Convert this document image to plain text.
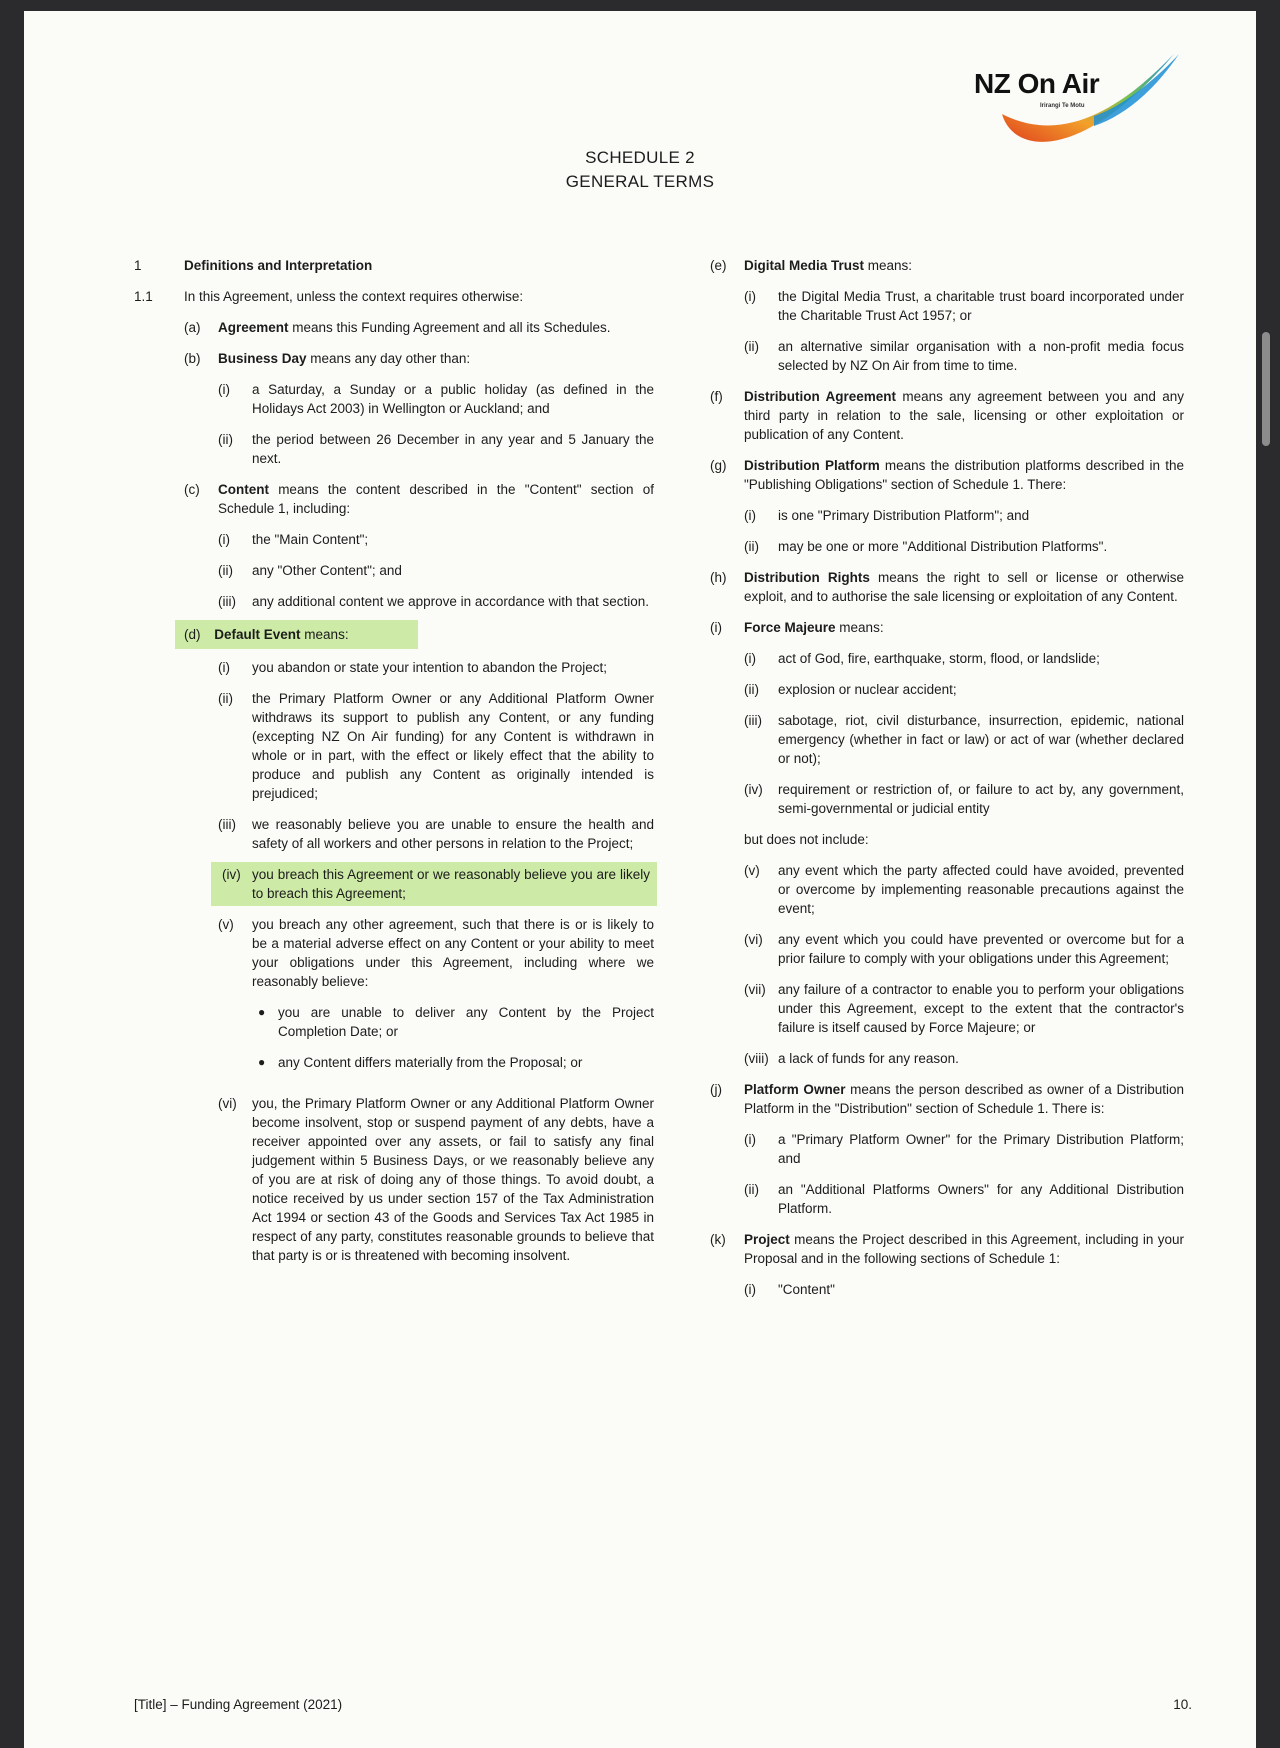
NZ On Air
Irirangi Te Motu
SCHEDULE 2
GENERAL TERMS
1	Definitions and Interpretation
1.1 In this Agreement, unless the context requires otherwise:
(a) Agreement means this Funding Agreement and all its Schedules.
(b) Business Day means any day other than:
(i) a Saturday, a Sunday or a public holiday (as defined in the Holidays Act 2003) in Wellington or Auckland; and
(ii) the period between 26 December in any year and 5 January the next.
(c) Content means the content described in the "Content" section of Schedule 1, including:
(i) the "Main Content";
(ii) any "Other Content"; and
(iii) any additional content we approve in accordance with that section.
(d) Default Event means:
(i) you abandon or state your intention to abandon the Project;
(ii) the Primary Platform Owner or any Additional Platform Owner withdraws its support to publish any Content, or any funding (excepting NZ On Air funding) for any Content is withdrawn in whole or in part, with the effect or likely effect that the ability to produce and publish any Content as originally intended is prejudiced;
(iii) we reasonably believe you are unable to ensure the health and safety of all workers and other persons in relation to the Project;
(iv) you breach this Agreement or we reasonably believe you are likely to breach this Agreement;
(v) you breach any other agreement, such that there is or is likely to be a material adverse effect on any Content or your ability to meet your obligations under this Agreement, including where we reasonably believe:
● you are unable to deliver any Content by the Project Completion Date; or
● any Content differs materially from the Proposal; or
(vi) you, the Primary Platform Owner or any Additional Platform Owner become insolvent, stop or suspend payment of any debts, have a receiver appointed over any assets, or fail to satisfy any final judgement within 5 Business Days, or we reasonably believe any of you are at risk of doing any of those things. To avoid doubt, a notice received by us under section 157 of the Tax Administration Act 1994 or section 43 of the Goods and Services Tax Act 1985 in respect of any party, constitutes reasonable grounds to believe that that party is or is threatened with becoming insolvent.
(e) Digital Media Trust means:
(i) the Digital Media Trust, a charitable trust board incorporated under the Charitable Trust Act 1957; or
(ii) an alternative similar organisation with a non-profit media focus selected by NZ On Air from time to time.
(f) Distribution Agreement means any agreement between you and any third party in relation to the sale, licensing or other exploitation or publication of any Content.
(g) Distribution Platform means the distribution platforms described in the "Publishing Obligations" section of Schedule 1. There:
(i) is one "Primary Distribution Platform"; and
(ii) may be one or more "Additional Distribution Platforms".
(h) Distribution Rights means the right to sell or license or otherwise exploit, and to authorise the sale licensing or exploitation of any Content.
(i) Force Majeure means:
(i) act of God, fire, earthquake, storm, flood, or landslide;
(ii) explosion or nuclear accident;
(iii) sabotage, riot, civil disturbance, insurrection, epidemic, national emergency (whether in fact or law) or act of war (whether declared or not);
(iv) requirement or restriction of, or failure to act by, any government, semi-governmental or judicial entity
but does not include:
(v) any event which the party affected could have avoided, prevented or overcome by implementing reasonable precautions against the event;
(vi) any event which you could have prevented or overcome but for a prior failure to comply with your obligations under this Agreement;
(vii) any failure of a contractor to enable you to perform your obligations under this Agreement, except to the extent that the contractor's failure is itself caused by Force Majeure; or
(viii) a lack of funds for any reason.
(j) Platform Owner means the person described as owner of a Distribution Platform in the "Distribution" section of Schedule 1. There is:
(i) a "Primary Platform Owner" for the Primary Distribution Platform; and
(ii) an "Additional Platforms Owners" for any Additional Distribution Platform.
(k) Project means the Project described in this Agreement, including in your Proposal and in the following sections of Schedule 1:
(i) "Content"
[Title] – Funding Agreement (2021)	10.
